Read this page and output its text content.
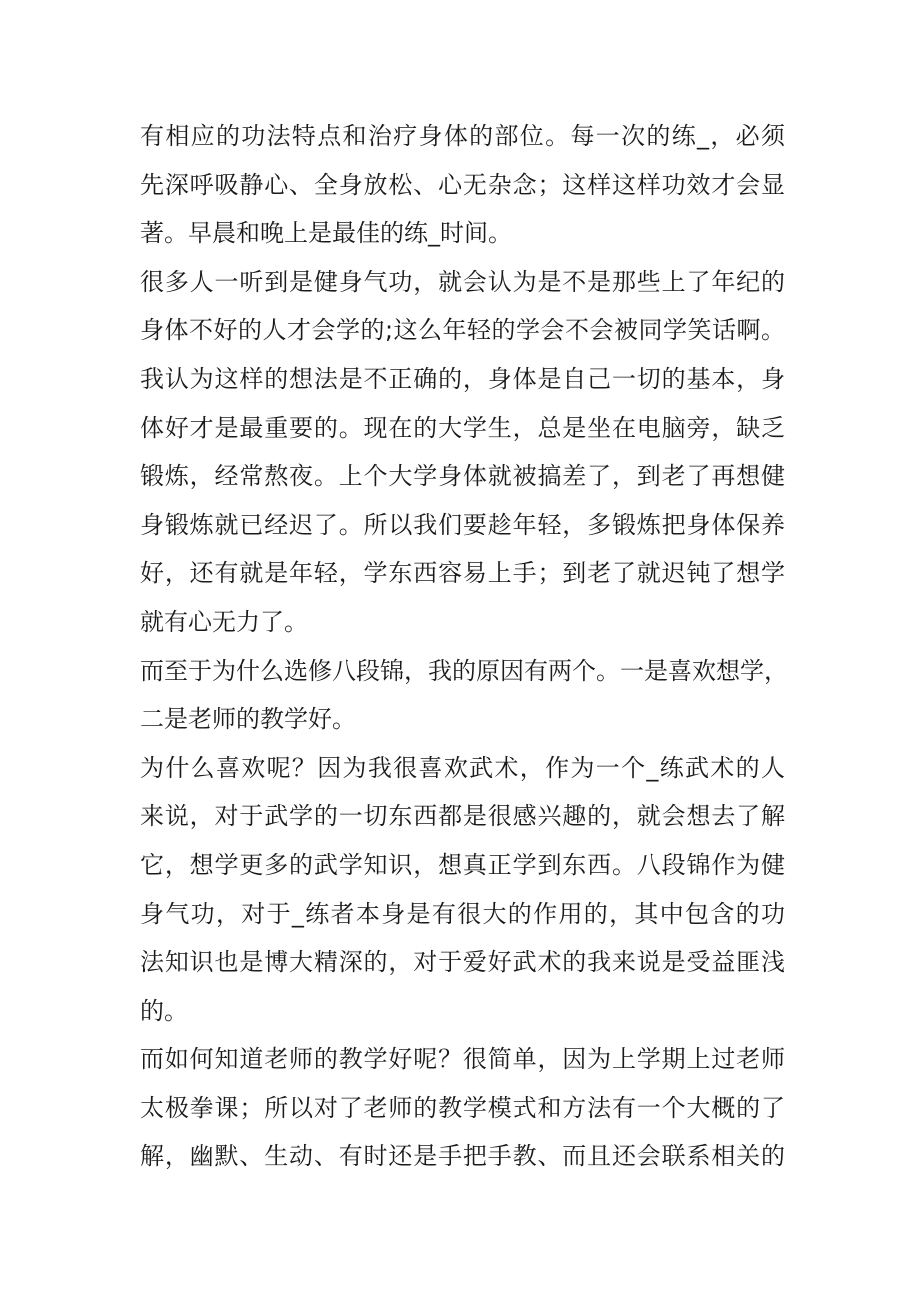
有相应的功法特点和治疗身体的部位。每一次的练_，必须
先深呼吸静心、全身放松、心无杂念；这样这样功效才会显
著。早晨和晚上是最佳的练_时间。
很多人一听到是健身气功，就会认为是不是那些上了年纪的
身体不好的人才会学的;这么年轻的学会不会被同学笑话啊。
我认为这样的想法是不正确的，身体是自己一切的基本，身
体好才是最重要的。现在的大学生，总是坐在电脑旁，缺乏
锻炼，经常熬夜。上个大学身体就被搞差了，到老了再想健
身锻炼就已经迟了。所以我们要趁年轻，多锻炼把身体保养
好，还有就是年轻，学东西容易上手；到老了就迟钝了想学
就有心无力了。
而至于为什么选修八段锦，我的原因有两个。一是喜欢想学，
二是老师的教学好。
为什么喜欢呢？因为我很喜欢武术，作为一个_练武术的人
来说，对于武学的一切东西都是很感兴趣的，就会想去了解
它，想学更多的武学知识，想真正学到东西。八段锦作为健
身气功，对于_练者本身是有很大的作用的，其中包含的功
法知识也是博大精深的，对于爱好武术的我来说是受益匪浅
的。
而如何知道老师的教学好呢？很简单，因为上学期上过老师
太极拳课；所以对了老师的教学模式和方法有一个大概的了
解，幽默、生动、有时还是手把手教、而且还会联系相关的
